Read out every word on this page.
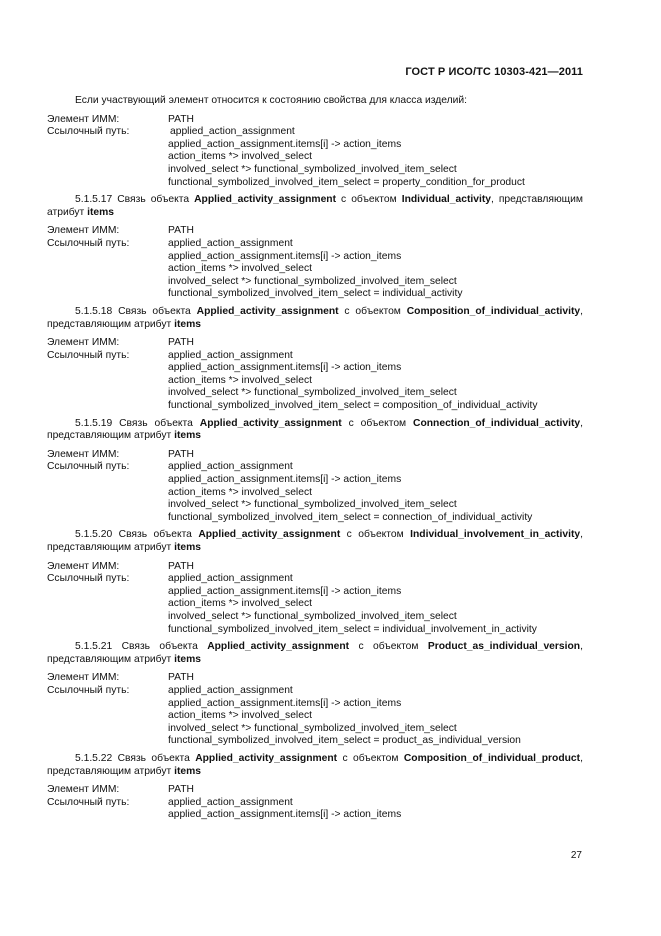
ГОСТ Р ИСО/ТС 10303-421—2011
Если участвующий элемент относится к состоянию свойства для класса изделий:
Элемент ИММ:
Ссылочный путь:
PATH
applied_action_assignment
applied_action_assignment.items[i] -> action_items
action_items *> involved_select
involved_select *> functional_symbolized_involved_item_select
functional_symbolized_involved_item_select = property_condition_for_product
5.1.5.17 Связь объекта Applied_activity_assignment с объектом Individual_activity, представляющим атрибут items
Элемент ИММ:
Ссылочный путь:
PATH
applied_action_assignment
applied_action_assignment.items[i] -> action_items
action_items *> involved_select
involved_select *> functional_symbolized_involved_item_select
functional_symbolized_involved_item_select = individual_activity
5.1.5.18 Связь объекта Applied_activity_assignment с объектом Composition_of_individual_activity, представляющим атрибут items
Элемент ИММ:
Ссылочный путь:
PATH
applied_action_assignment
applied_action_assignment.items[i] -> action_items
action_items *> involved_select
involved_select *> functional_symbolized_involved_item_select
functional_symbolized_involved_item_select = composition_of_individual_activity
5.1.5.19 Связь объекта Applied_activity_assignment с объектом Connection_of_individual_activity, представляющим атрибут items
Элемент ИММ:
Ссылочный путь:
PATH
applied_action_assignment
applied_action_assignment.items[i] -> action_items
action_items *> involved_select
involved_select *> functional_symbolized_involved_item_select
functional_symbolized_involved_item_select = connection_of_individual_activity
5.1.5.20 Связь объекта Applied_activity_assignment с объектом Individual_involvement_in_activity, представляющим атрибут items
Элемент ИММ:
Ссылочный путь:
PATH
applied_action_assignment
applied_action_assignment.items[i] -> action_items
action_items *> involved_select
involved_select *> functional_symbolized_involved_item_select
functional_symbolized_involved_item_select = individual_involvement_in_activity
5.1.5.21 Связь объекта Applied_activity_assignment с объектом Product_as_individual_version, представляющим атрибут items
Элемент ИММ:
Ссылочный путь:
PATH
applied_action_assignment
applied_action_assignment.items[i] -> action_items
action_items *> involved_select
involved_select *> functional_symbolized_involved_item_select
functional_symbolized_involved_item_select = product_as_individual_version
5.1.5.22 Связь объекта Applied_activity_assignment с объектом Composition_of_individual_product, представляющим атрибут items
Элемент ИММ:
Ссылочный путь:
PATH
applied_action_assignment
applied_action_assignment.items[i] -> action_items
27
